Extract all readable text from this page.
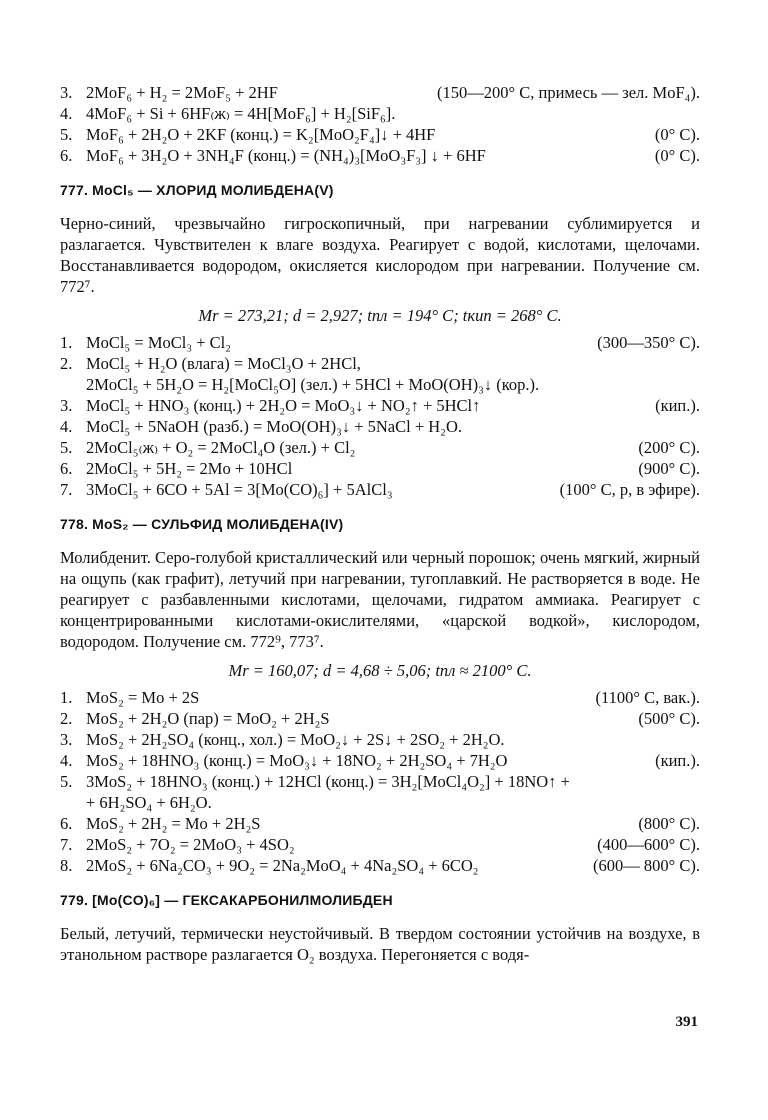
3. 2MoF₆ + H₂ = 2MoF₅ + 2HF	(150—200° C, примесь — зел. MoF₄).
4. 4MoF₆ + Si + 6HF₍ж₎ = 4H[MoF₆] + H₂[SiF₆].
5. MoF₆ + 2H₂O + 2KF (конц.) = K₂[MoO₂F₄]↓ + 4HF	(0° C).
6. MoF₆ + 3H₂O + 3NH₄F (конц.) = (NH₄)₃[MoO₃F₃] ↓ + 6HF	(0° C).
777. MoCl₅ — ХЛОРИД МОЛИБДЕНА(V)

Черно-синий, чрезвычайно гигроскопичный, при нагревании сублимируется и разлагается. Чувствителен к влаге воздуха. Реагирует с водой, кислотами, щелочами. Восстанавливается водородом, окисляется кислородом при нагревании. Получение см. 772⁷.

Mr = 273,21; d = 2,927; tпл = 194° С; tкип = 268° С.
1. MoCl₅ = MoCl₃ + Cl₂	(300—350° С).
2. MoCl₅ + H₂O (влага) = MoCl₃O + 2HCl,
2MoCl₅ + 5H₂O = H₂[MoCl₅O] (зел.) + 5HCl + MoO(OH)₃↓ (кор.).
3. MoCl₅ + HNO₃ (конц.) + 2H₂O = MoO₃↓ + NO₂↑ + 5HCl↑	(кип.).
4. MoCl₅ + 5NaOH (разб.) = MoO(OH)₃↓ + 5NaCl + H₂O.
5. 2MoCl₅₍ж₎ + O₂ = 2MoCl₄O (зел.) + Cl₂	(200° C).
6. 2MoCl₅ + 5H₂ = 2Mo + 10HCl	(900° C).
7. 3MoCl₅ + 6CO + 5Al = 3[Mo(CO)₆] + 5AlCl₃	(100° C, p, в эфире).
778. MoS₂ — СУЛЬФИД МОЛИБДЕНА(IV)

Молибденит. Серо-голубой кристаллический или черный порошок; очень мягкий, жирный на ощупь (как графит), летучий при нагревании, тугоплавкий. Не растворяется в воде. Не реагирует с разбавленными кислотами, щелочами, гидратом аммиака. Реагирует с концентрированными кислотами-окислителями, «царской водкой», кислородом, водородом. Получение см. 772⁹, 773⁷.

Mr = 160,07; d = 4,68 ÷ 5,06; tпл ≈ 2100° С.
1. MoS₂ = Mo + 2S	(1100° С, вак.).
2. MoS₂ + 2H₂O (пар) = MoO₂ + 2H₂S	(500° C).
3. MoS₂ + 2H₂SO₄ (конц., хол.) = MoO₂↓ + 2S↓ + 2SO₂ + 2H₂O.
4. MoS₂ + 18HNO₃ (конц.) = MoO₃↓ + 18NO₂ + 2H₂SO₄ + 7H₂O	(кип.).
5. 3MoS₂ + 18HNO₃ (конц.) + 12HCl (конц.) = 3H₂[MoCl₄O₂] + 18NO↑ +
+ 6H₂SO₄ + 6H₂O.
6. MoS₂ + 2H₂ = Mo + 2H₂S	(800° C).
7. 2MoS₂ + 7O₂ = 2MoO₃ + 4SO₂	(400—600° C).
8. 2MoS₂ + 6Na₂CO₃ + 9O₂ = 2Na₂MoO₄ + 4Na₂SO₄ + 6CO₂	(600— 800° C).
779. [Mo(CO)₆] — ГЕКСАКАРБОНИЛМОЛИБДЕН

Белый, летучий, термически неустойчивый. В твердом состоянии устойчив на воздухе, в этанольном растворе разлагается O₂ воздуха. Перегоняется с водя-

391
